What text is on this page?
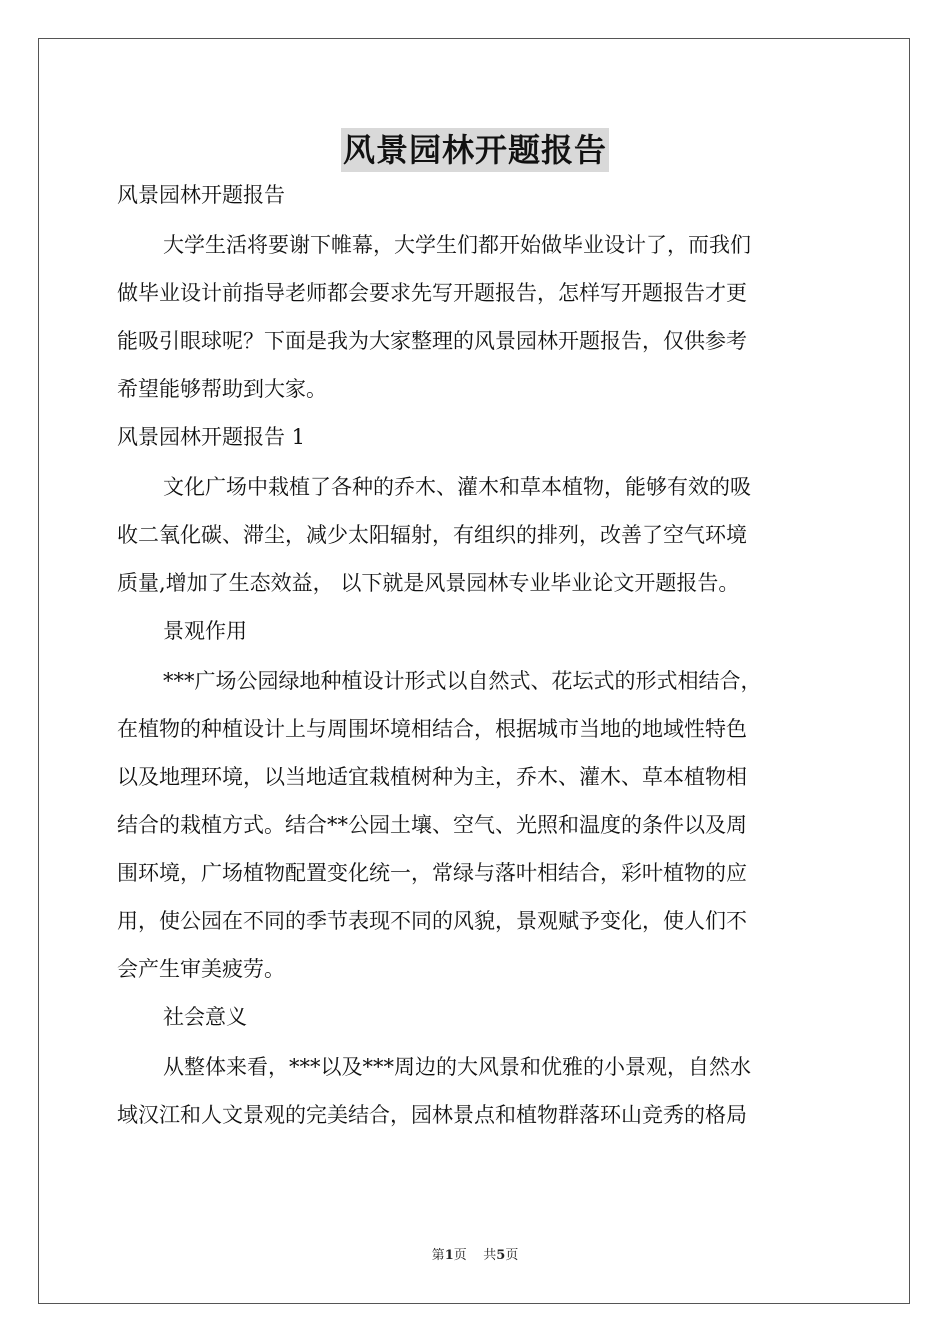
风景园林开题报告
风景园林开题报告
大学生活将要谢下帷幕，大学生们都开始做毕业设计了，而我们
做毕业设计前指导老师都会要求先写开题报告，怎样写开题报告才更
能吸引眼球呢？下面是我为大家整理的风景园林开题报告，仅供参考
希望能够帮助到大家。
风景园林开题报告 1
文化广场中栽植了各种的乔木、灌木和草本植物，能够有效的吸
收二氧化碳、滞尘，减少太阳辐射，有组织的排列，改善了空气环境
质量,增加了生态效益， 以下就是风景园林专业毕业论文开题报告。
景观作用
***广场公园绿地种植设计形式以自然式、花坛式的形式相结合，
在植物的种植设计上与周围坏境相结合，根据城市当地的地域性特色
以及地理环境，以当地适宜栽植树种为主，乔木、灌木、草本植物相
结合的栽植方式。结合**公园土壤、空气、光照和温度的条件以及周
围环境，广场植物配置变化统一，常绿与落叶相结合，彩叶植物的应
用，使公园在不同的季节表现不同的风貌，景观赋予变化，使人们不
会产生审美疲劳。
社会意义
从整体来看，***以及***周边的大风景和优雅的小景观，自然水
域汉江和人文景观的完美结合，园林景点和植物群落环山竞秀的格局
第1页    共5页
